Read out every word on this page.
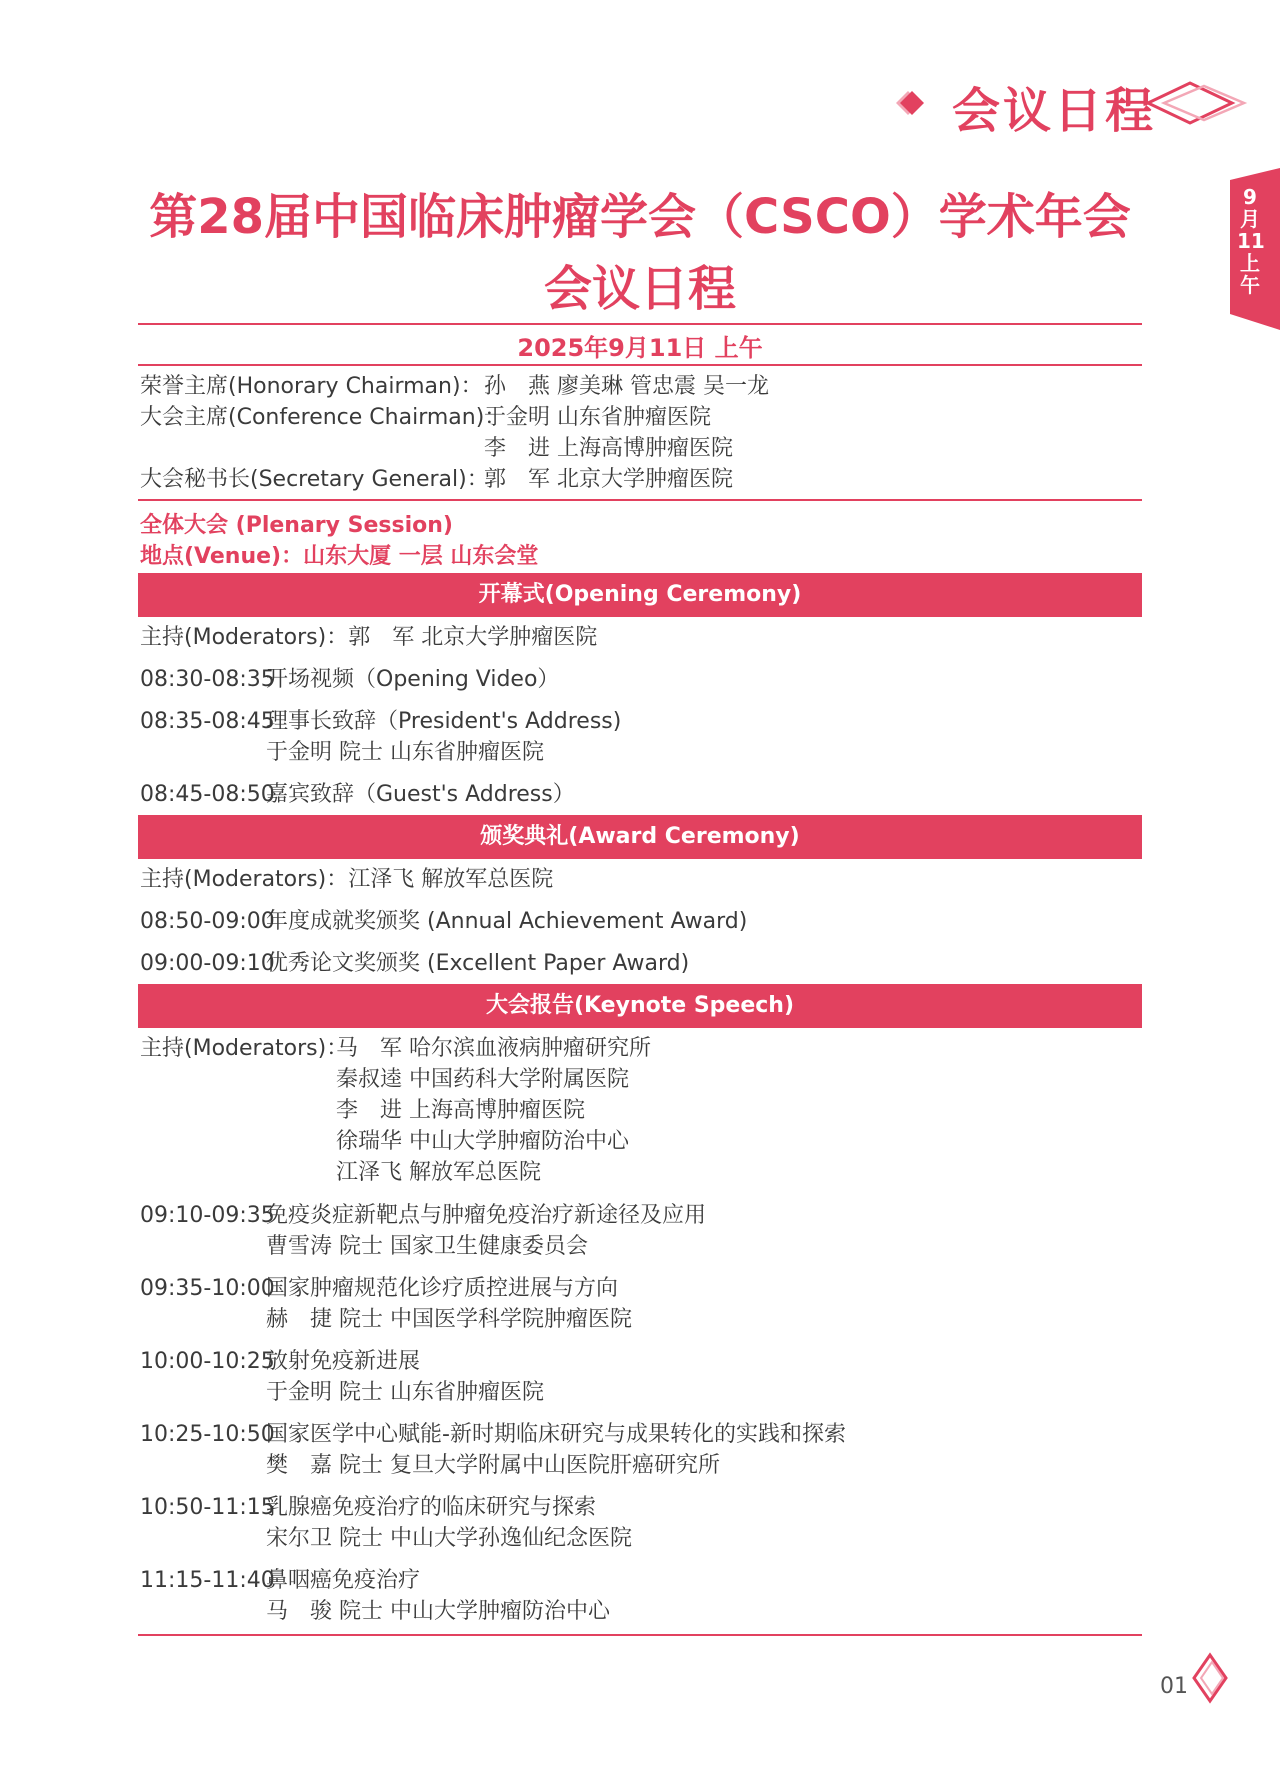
会议日程
9
月
11
上
午
第28届中国临床肿瘤学会（CSCO）学术年会
会议日程
2025年9月11日 上午
荣誉主席(Honorary Chairman)：孙　燕 廖美琳 管忠震 吴一龙
大会主席(Conference Chairman)：于金明 山东省肿瘤医院
李　进 上海高博肿瘤医院
大会秘书长(Secretary General)：郭　军 北京大学肿瘤医院
全体大会 (Plenary Session)
地点(Venue)：山东大厦 一层 山东会堂
开幕式(Opening Ceremony)
主持(Moderators)：郭　军 北京大学肿瘤医院
08:30-08:35开场视频（Opening Video）
08:35-08:45理事长致辞（President's Address)
于金明 院士 山东省肿瘤医院
08:45-08:50嘉宾致辞（Guest's Address）
颁奖典礼(Award Ceremony)
主持(Moderators)：江泽飞 解放军总医院
08:50-09:00年度成就奖颁奖 (Annual Achievement Award)
09:00-09:10优秀论文奖颁奖 (Excellent Paper Award)
大会报告(Keynote Speech)
主持(Moderators)：
马　军 哈尔滨血液病肿瘤研究所
秦叔逵 中国药科大学附属医院
李　进 上海高博肿瘤医院
徐瑞华 中山大学肿瘤防治中心
江泽飞 解放军总医院
09:10-09:35免疫炎症新靶点与肿瘤免疫治疗新途径及应用
曹雪涛 院士 国家卫生健康委员会
09:35-10:00国家肿瘤规范化诊疗质控进展与方向
赫　捷 院士 中国医学科学院肿瘤医院
10:00-10:25放射免疫新进展
于金明 院士 山东省肿瘤医院
10:25-10:50国家医学中心赋能-新时期临床研究与成果转化的实践和探索
樊　嘉 院士 复旦大学附属中山医院肝癌研究所
10:50-11:15乳腺癌免疫治疗的临床研究与探索
宋尔卫 院士 中山大学孙逸仙纪念医院
11:15-11:40鼻咽癌免疫治疗
马　骏 院士 中山大学肿瘤防治中心
01
